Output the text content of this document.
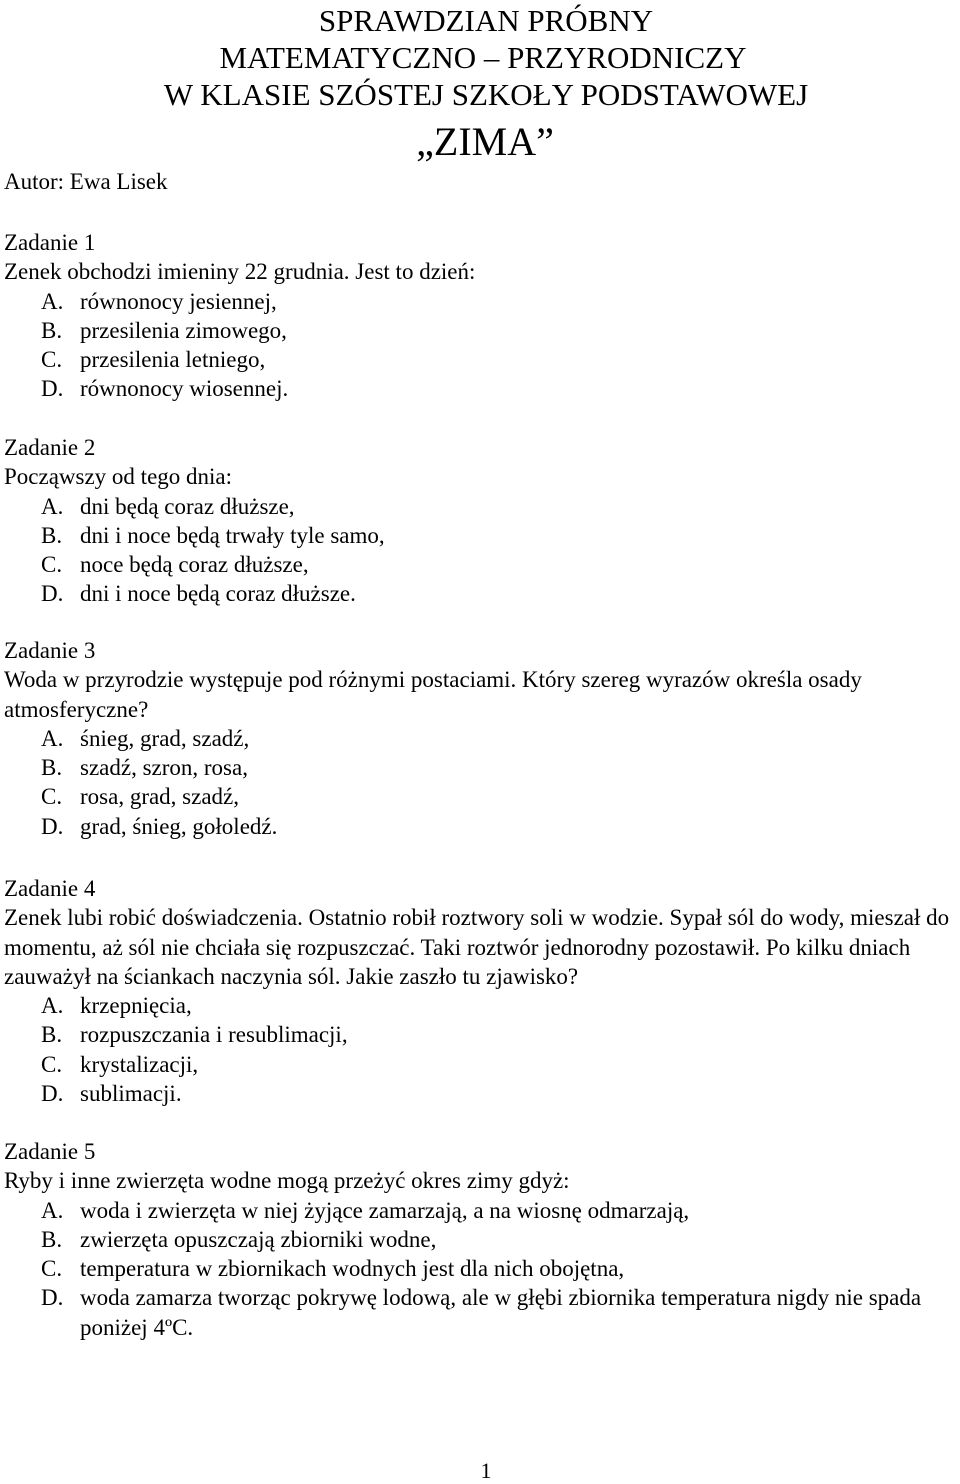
SPRAWDZIAN PRÓBNY
MATEMATYCZNO – PRZYRODNICZY
W KLASIE SZÓSTEJ SZKOŁY PODSTAWOWEJ
„ZIMA”
Autor: Ewa Lisek
Zadanie 1
Zenek obchodzi imieniny 22 grudnia. Jest to dzień:
A. równonocy jesiennej,
B. przesilenia zimowego,
C. przesilenia letniego,
D. równonocy wiosennej.
Zadanie 2
Począwszy od tego dnia:
A. dni będą coraz dłuższe,
B. dni i noce będą trwały tyle samo,
C. noce będą coraz dłuższe,
D. dni i noce będą coraz dłuższe.
Zadanie 3
Woda w przyrodzie występuje pod różnymi postaciami. Który szereg wyrazów określa osady atmosferyczne?
A. śnieg, grad, szadź,
B. szadź, szron, rosa,
C. rosa, grad, szadź,
D. grad, śnieg, gołoledź.
Zadanie 4
Zenek lubi robić doświadczenia. Ostatnio robił roztwory soli w wodzie. Sypał sól do wody, mieszał do momentu, aż sól nie chciała się rozpuszczać. Taki roztwór jednorodny pozostawił. Po kilku dniach zauważył na ściankach naczynia sól. Jakie zaszło tu zjawisko?
A. krzepnięcia,
B. rozpuszczania i resublimacji,
C. krystalizacji,
D. sublimacji.
Zadanie 5
Ryby i inne zwierzęta wodne mogą przeżyć okres zimy gdyż:
A. woda i zwierzęta w niej żyjące zamarzają, a na wiosnę odmarzają,
B. zwierzęta opuszczają zbiorniki wodne,
C. temperatura w zbiornikach wodnych jest dla nich obojętna,
D. woda zamarza tworząc pokrywę lodową, ale w głębi zbiornika temperatura nigdy nie spada poniżej 4ºC.
1
